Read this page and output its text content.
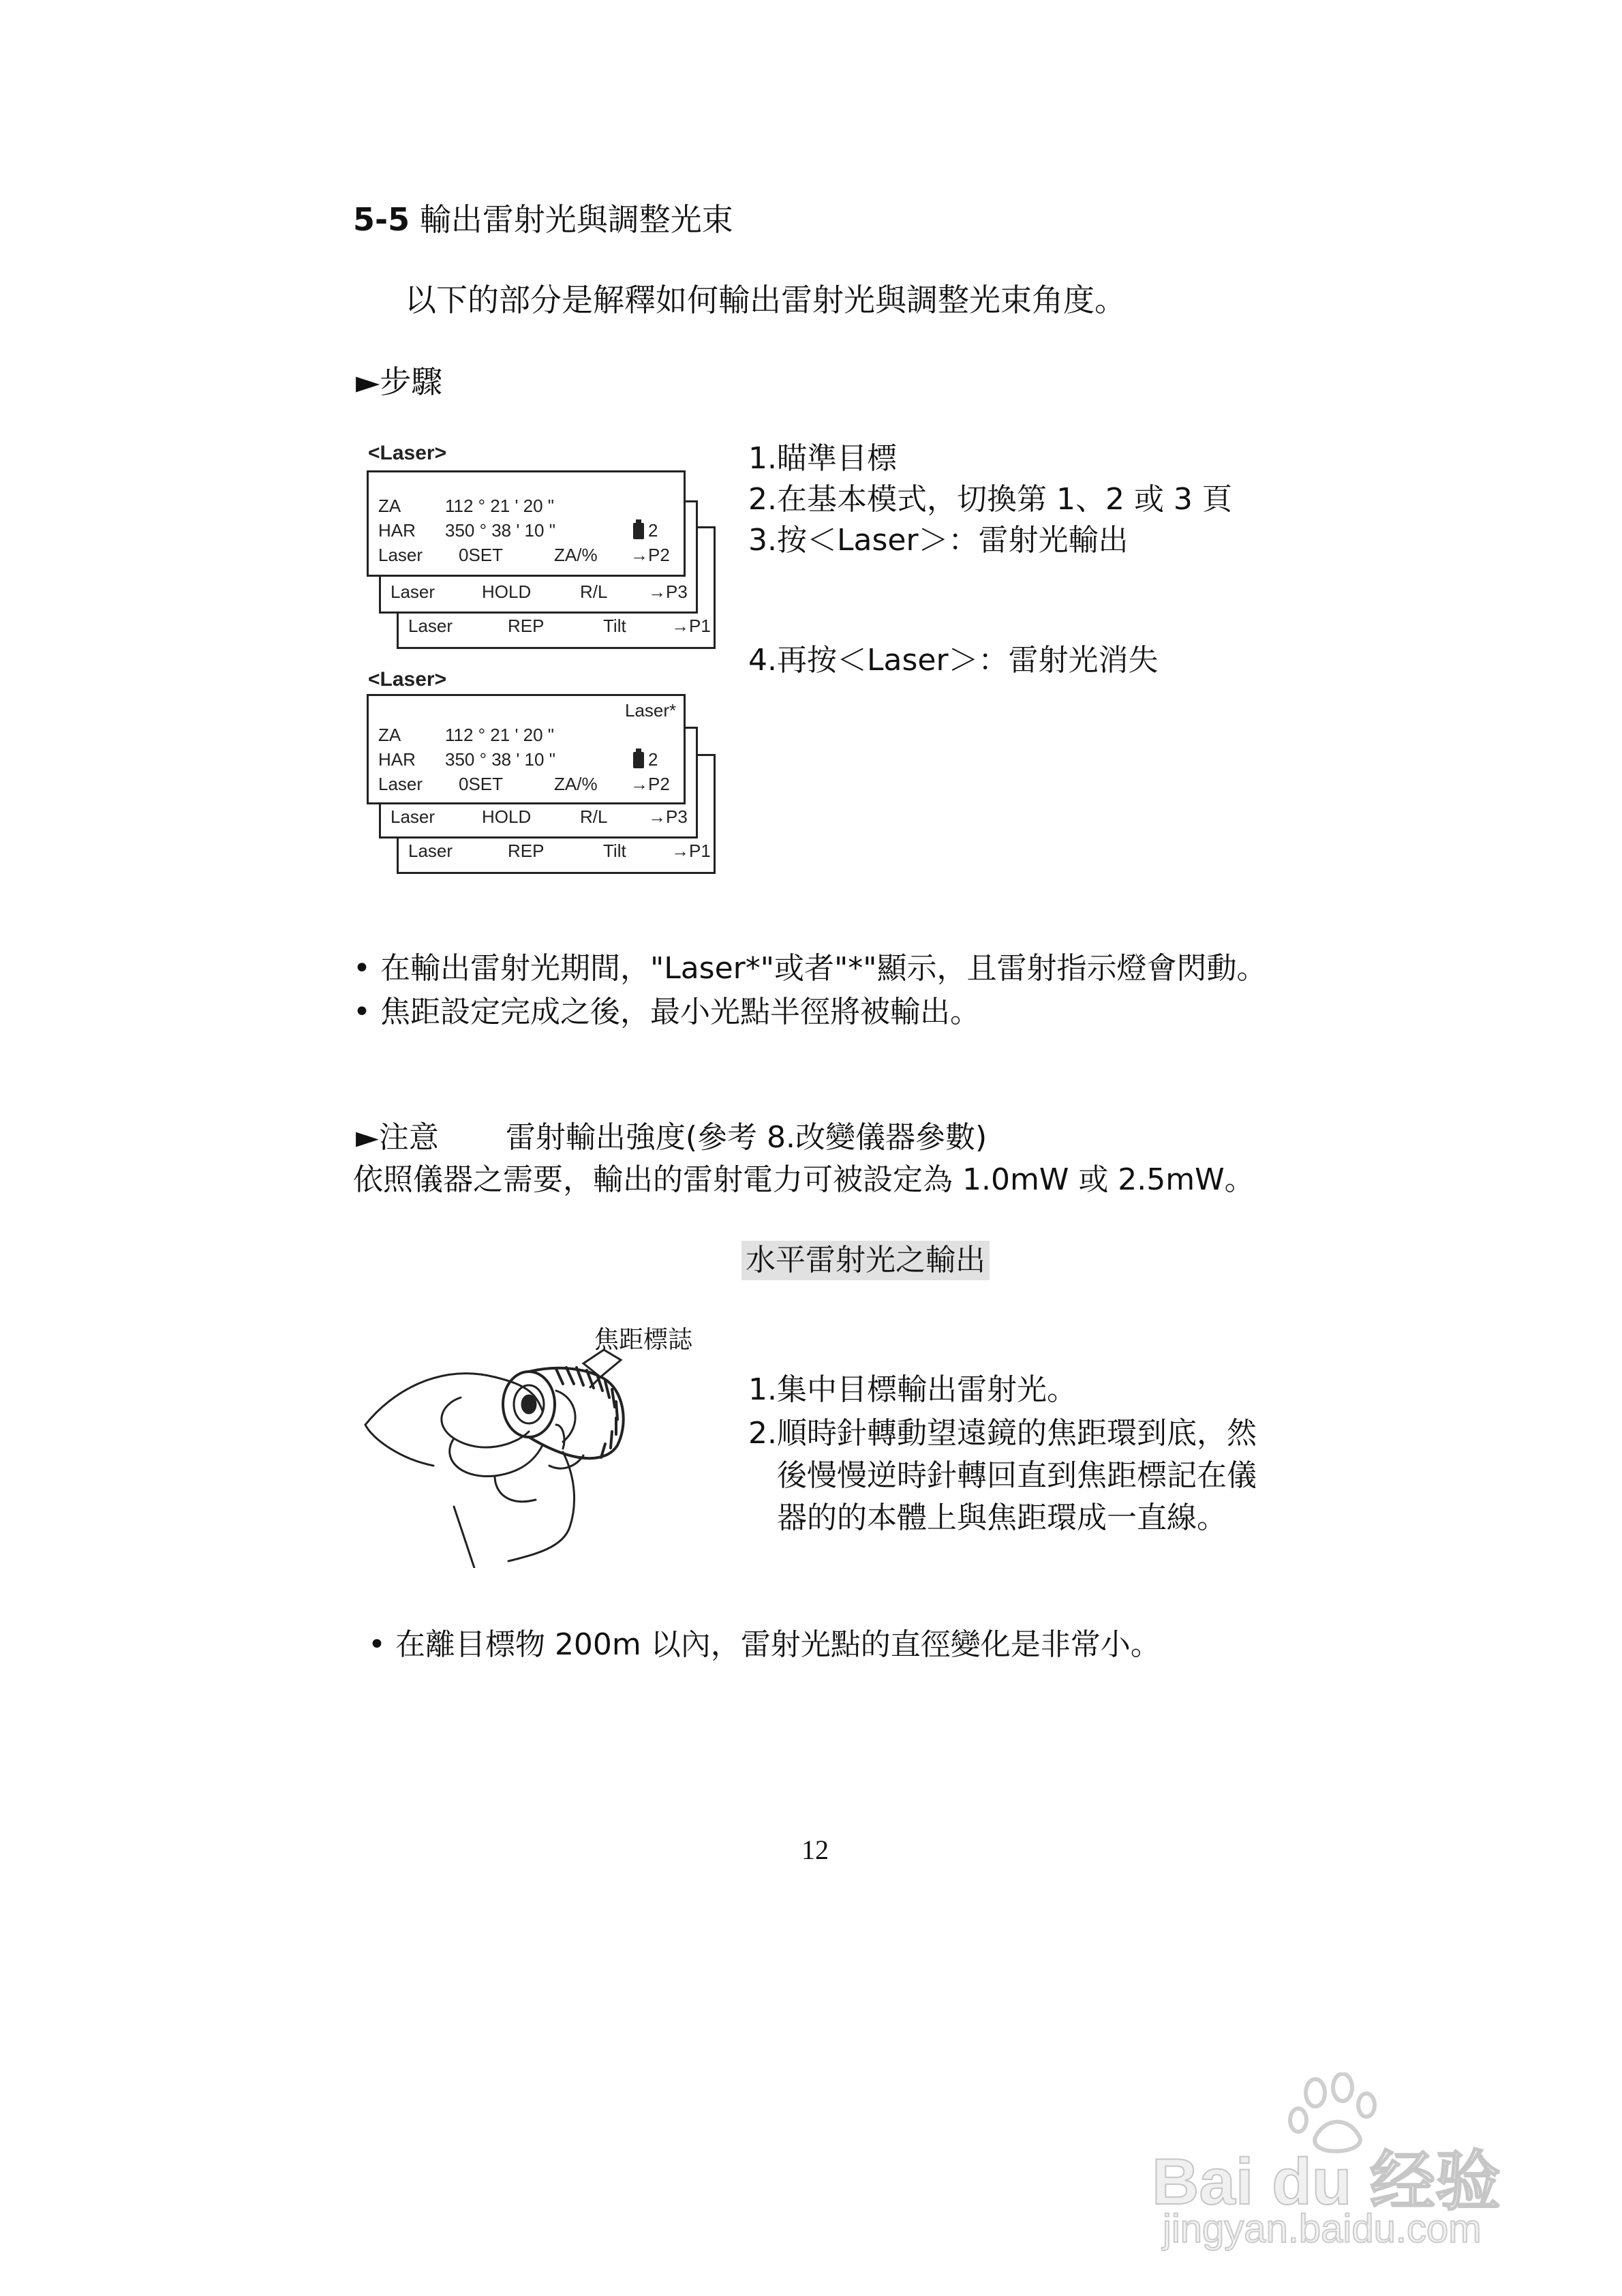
5-5 輸出雷射光與調整光束
以下的部分是解釋如何輸出雷射光與調整光束角度。
►步驟
<Laser>
Laser	REP	Tilt	→P1
Laser	HOLD	R/L →P3
ZA 112 ° 21 ' 20 "
HAR 350 ° 38 ' 10 "	2
Laser 0SET	ZA/% →P2
<Laser>
Laser	REP	Tilt	→P1
Laser	HOLD	R/L →P3
Laser*
ZA 112 ° 21 ' 20 "
HAR 350 ° 38 ' 10 "	2
Laser 0SET	ZA/% →P2
1.瞄準目標
2.在基本模式，切換第 1、2 或 3 頁
3.按＜Laser＞：雷射光輸出
4.再按＜Laser＞：雷射光消失
• 在輸出雷射光期間，"Laser*"或者"*"顯示，且雷射指示燈會閃動。
• 焦距設定完成之後，最小光點半徑將被輸出。
►注意 雷射輸出強度(參考 8.改變儀器參數)
依照儀器之需要，輸出的雷射電力可被設定為 1.0mW 或 2.5mW。
水平雷射光之輸出
焦距標誌
1.集中目標輸出雷射光。
2.順時針轉動望遠鏡的焦距環到底，然
後慢慢逆時針轉回直到焦距標記在儀
器的的本體上與焦距環成一直線。
• 在離目標物 200m 以內，雷射光點的直徑變化是非常小。
12
Bai du 经验
jingyan.baidu.com
